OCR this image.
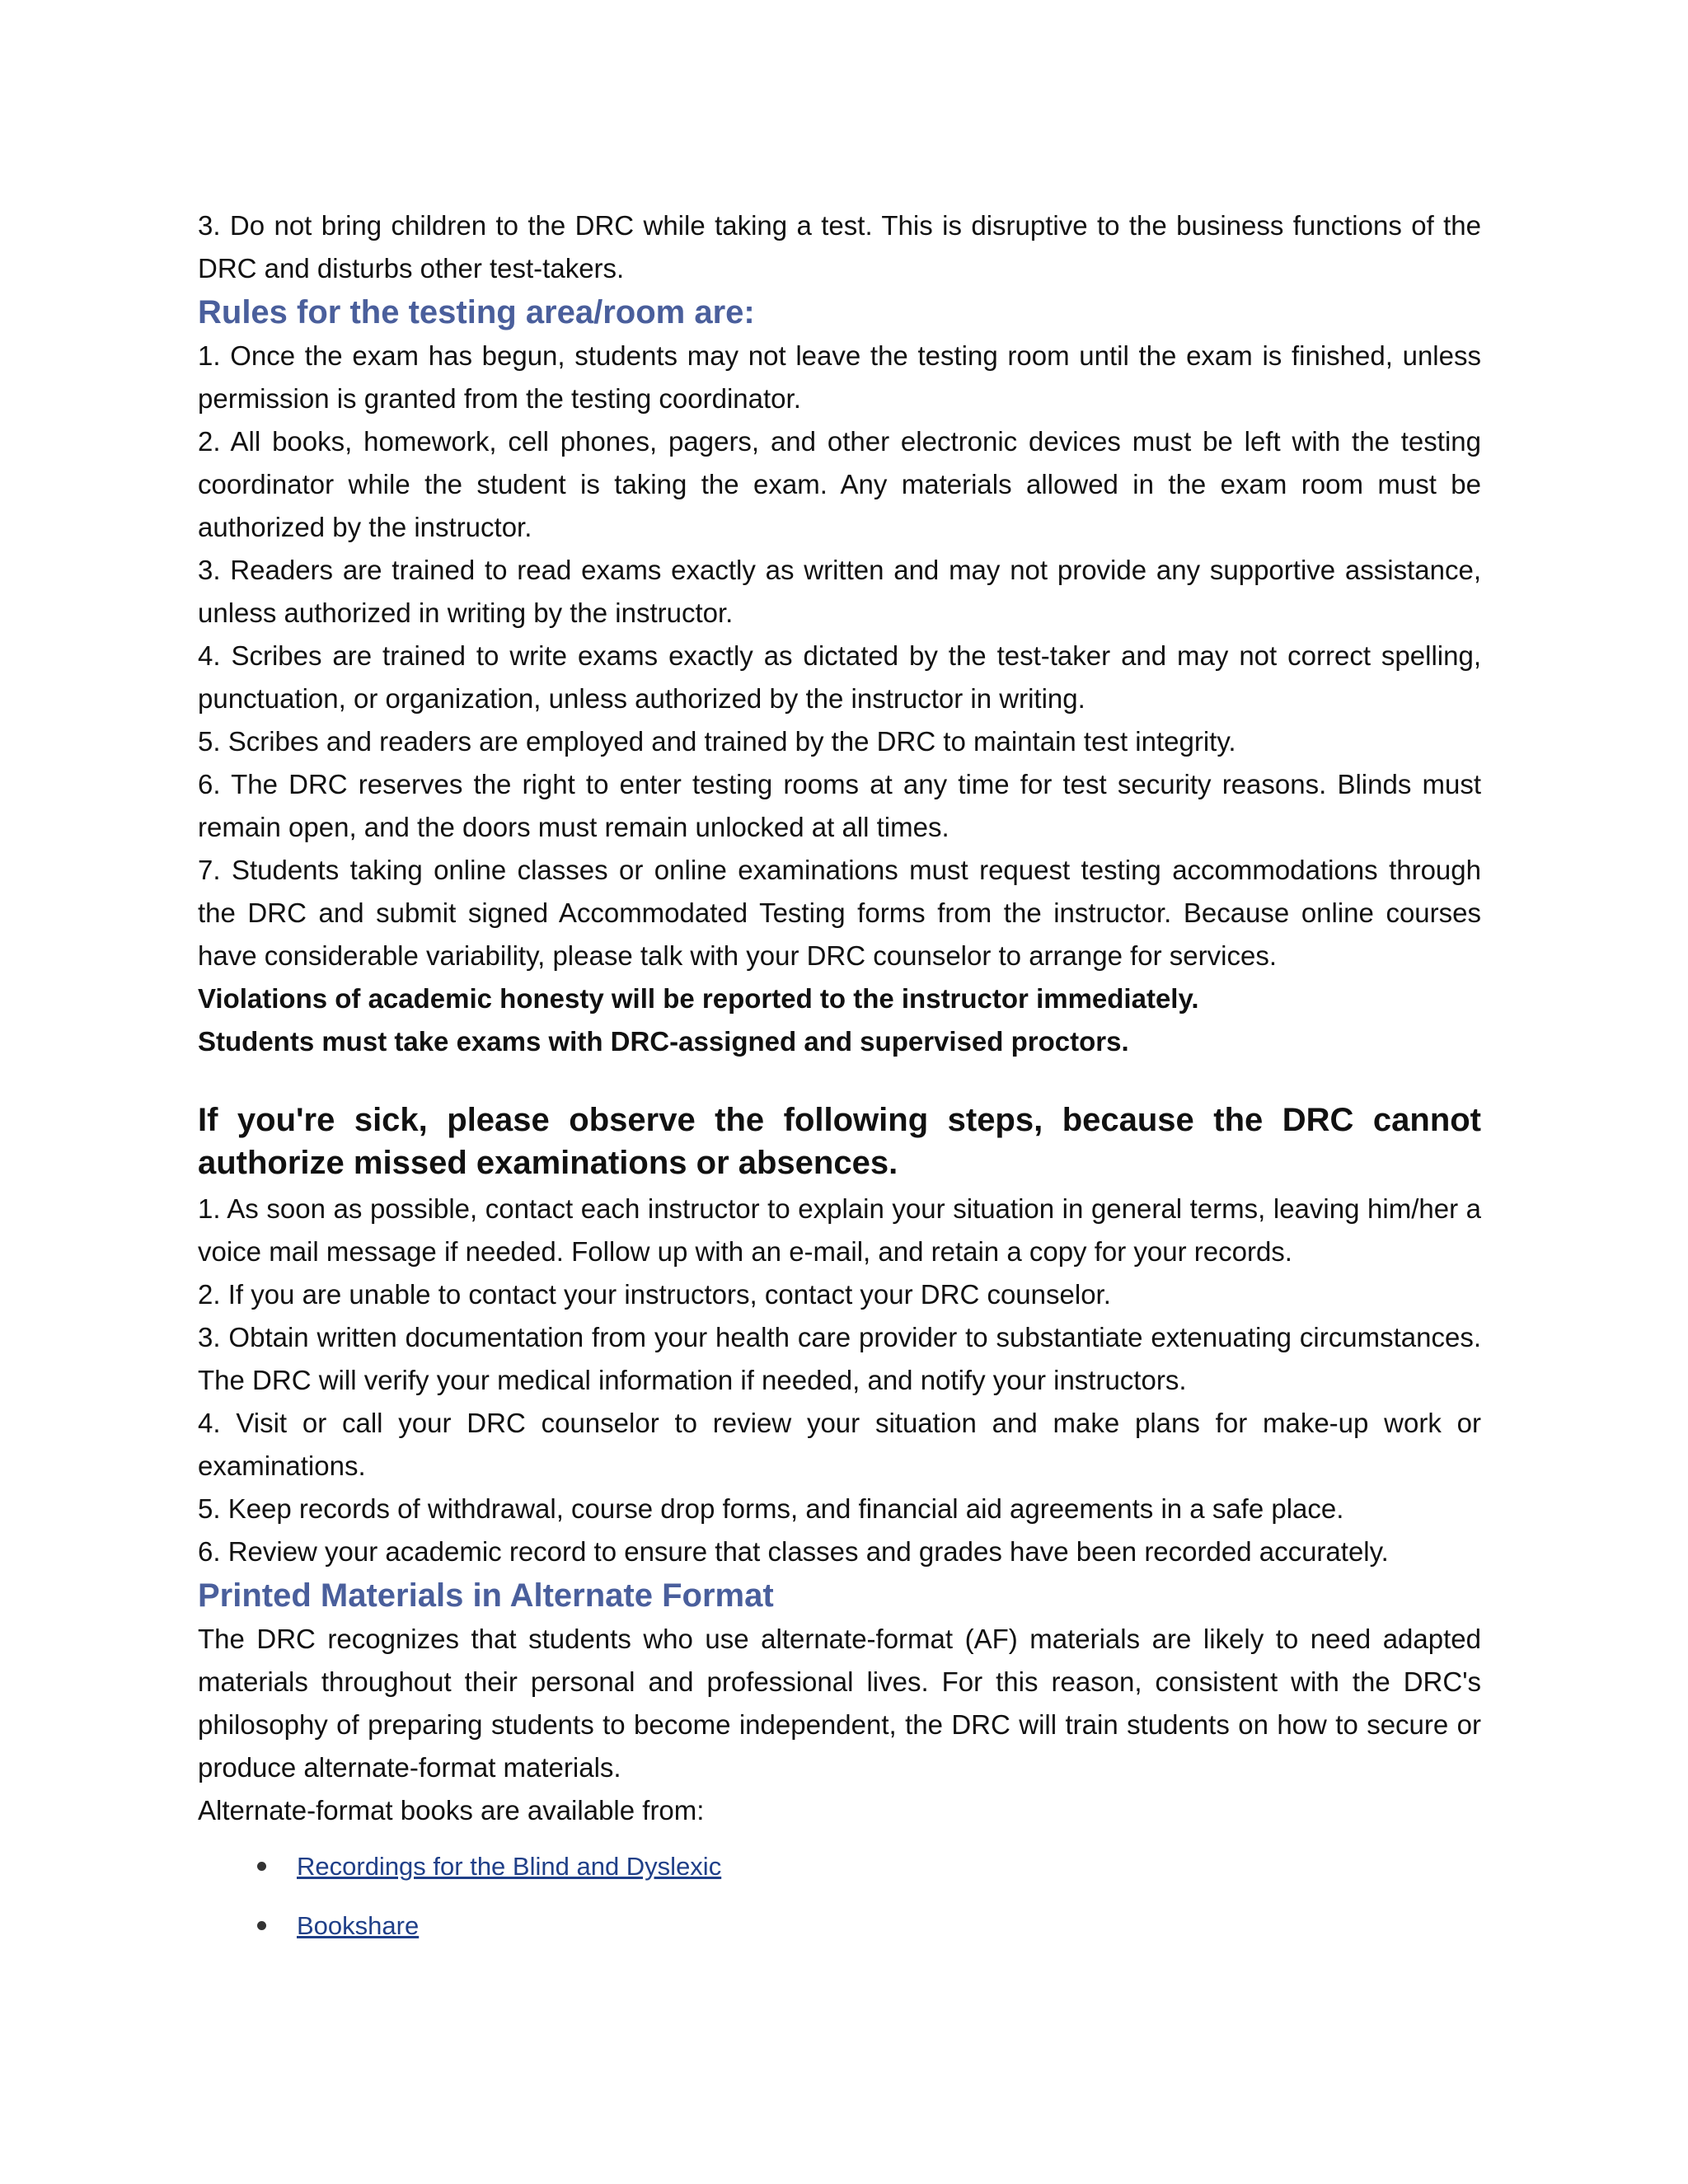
3. Do not bring children to the DRC while taking a test. This is disruptive to the business functions of the DRC and disturbs other test-takers.

Rules for the testing area/room are:

1. Once the exam has begun, students may not leave the testing room until the exam is finished, unless permission is granted from the testing coordinator.

2. All books, homework, cell phones, pagers, and other electronic devices must be left with the testing coordinator while the student is taking the exam. Any materials allowed in the exam room must be authorized by the instructor.

3. Readers are trained to read exams exactly as written and may not provide any supportive assistance, unless authorized in writing by the instructor.

4. Scribes are trained to write exams exactly as dictated by the test-taker and may not correct spelling, punctuation, or organization, unless authorized by the instructor in writing.

5. Scribes and readers are employed and trained by the DRC to maintain test integrity.

6. The DRC reserves the right to enter testing rooms at any time for test security reasons. Blinds must remain open, and the doors must remain unlocked at all times.

7. Students taking online classes or online examinations must request testing accommodations through the DRC and submit signed Accommodated Testing forms from the instructor. Because online courses have considerable variability, please talk with your DRC counselor to arrange for services.

Violations of academic honesty will be reported to the instructor immediately.

Students must take exams with DRC-assigned and supervised proctors.

If you're sick, please observe the following steps, because the DRC cannot authorize missed examinations or absences.

1. As soon as possible, contact each instructor to explain your situation in general terms, leaving him/her a voice mail message if needed. Follow up with an e-mail, and retain a copy for your records.

2. If you are unable to contact your instructors, contact your DRC counselor.

3. Obtain written documentation from your health care provider to substantiate extenuating circumstances. The DRC will verify your medical information if needed, and notify your instructors.

4. Visit or call your DRC counselor to review your situation and make plans for make-up work or examinations.

5. Keep records of withdrawal, course drop forms, and financial aid agreements in a safe place.

6. Review your academic record to ensure that classes and grades have been recorded accurately.

Printed Materials in Alternate Format

The DRC recognizes that students who use alternate-format (AF) materials are likely to need adapted materials throughout their personal and professional lives. For this reason, consistent with the DRC's philosophy of preparing students to become independent, the DRC will train students on how to secure or produce alternate-format materials.

Alternate-format books are available from:

Recordings for the Blind and Dyslexic
Bookshare
